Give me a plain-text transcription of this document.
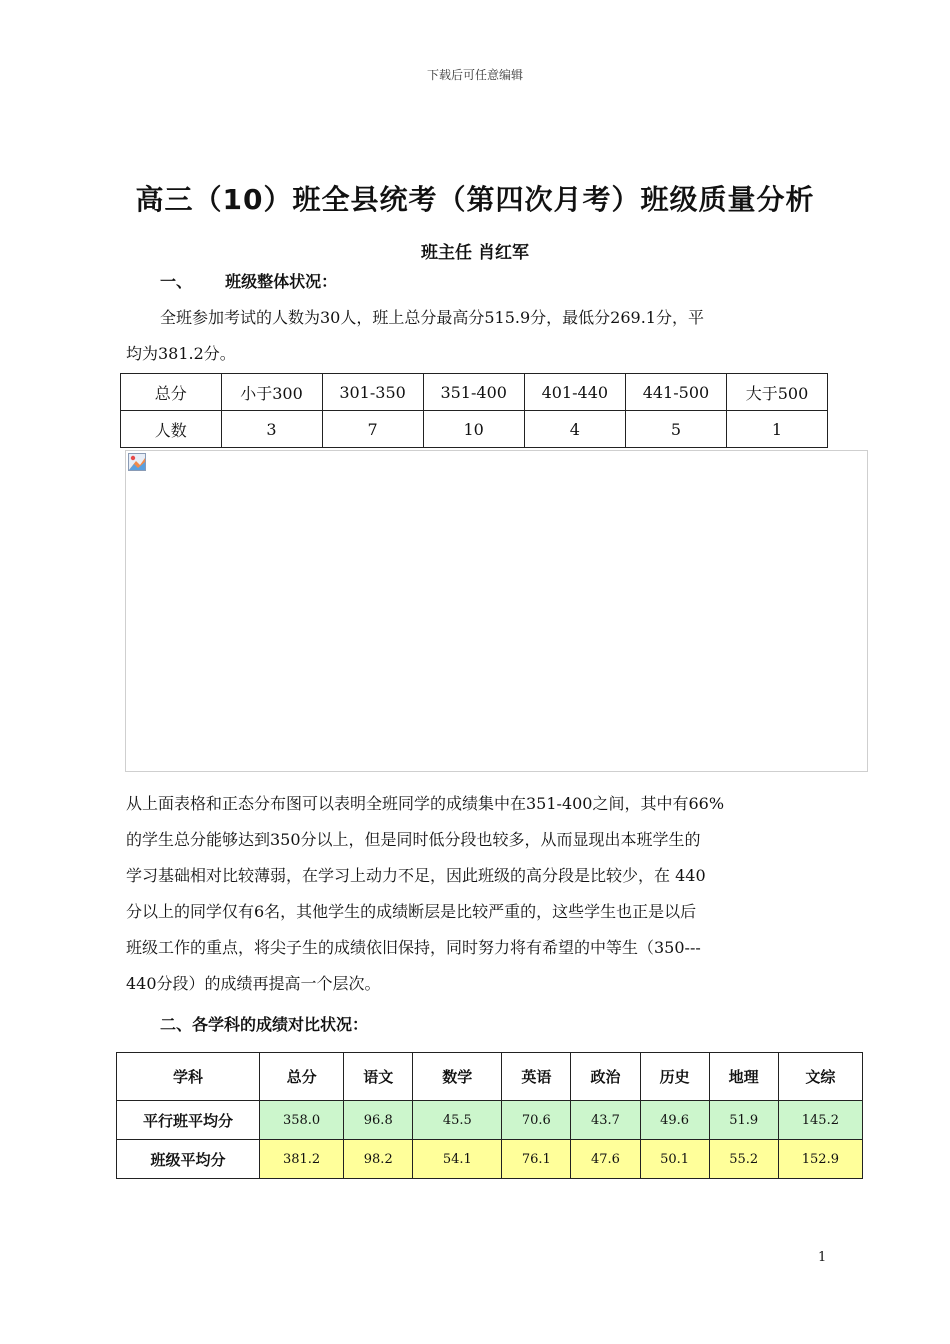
下载后可任意编辑
高三（10）班全县统考（第四次月考）班级质量分析
班主任 肖红军
一、 班级整体状况：
全班参加考试的人数为30人，班上总分最高分515.9分，最低分269.1分，平
均为381.2分。
总分	小于300	301-350	351-400	401-440	441-500	大于500
人数	3	7	10	4	5	1
从上面表格和正态分布图可以表明全班同学的成绩集中在351-400之间，其中有66%
的学生总分能够达到350分以上，但是同时低分段也较多，从而显现出本班学生的
学习基础相对比较薄弱，在学习上动力不足，因此班级的高分段是比较少，在 440
分以上的同学仅有6名，其他学生的成绩断层是比较严重的，这些学生也正是以后
班级工作的重点，将尖子生的成绩依旧保持，同时努力将有希望的中等生（350---
440分段）的成绩再提高一个层次。
二、各学科的成绩对比状况：
学科	总分	语文	数学	英语	政治	历史	地理	文综
平行班平均分	358.0	96.8	45.5	70.6	43.7	49.6	51.9	145.2
班级平均分	381.2	98.2	54.1	76.1	47.6	50.1	55.2	152.9
1
